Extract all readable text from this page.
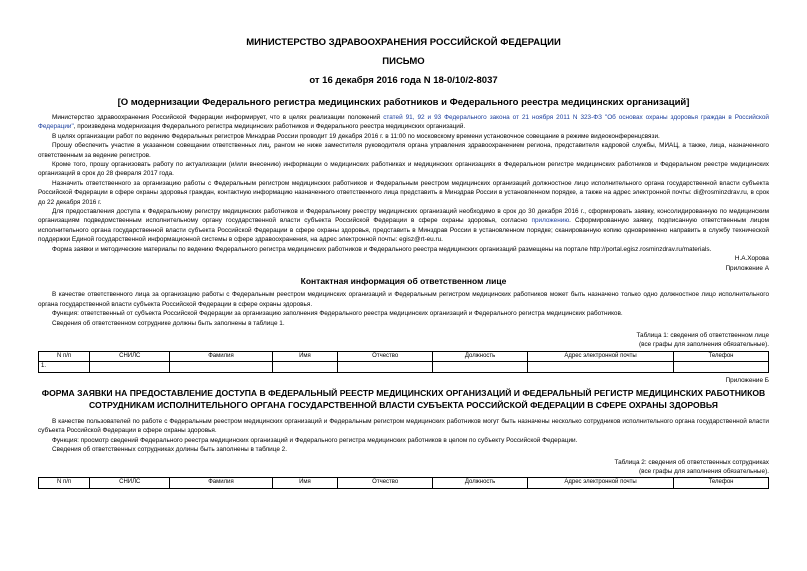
МИНИСТЕРСТВО ЗДРАВООХРАНЕНИЯ РОССИЙСКОЙ ФЕДЕРАЦИИ
ПИСЬМО
от 16 декабря 2016 года N 18-0/10/2-8037
[О модернизации Федерального регистра медицинских работников и Федерального реестра медицинских организаций]

Министерство здравоохранения Российской Федерации информирует, что в целях реализации положений статей 91, 92 и 93 Федерального закона от 21 ноября 2011 N 323-ФЗ "Об основах охраны здоровья граждан в Российской Федерации", произведена модернизация Федерального регистра медицинских работников и Федерального реестра медицинских организаций.

В целях организации работ по ведению Федеральных регистров Минздрав России проводит 19 декабря 2016 г. в 11:00 по московскому времени установочное совещание в режиме видеоконференцсвязи.

Прошу обеспечить участие в указанном совещании ответственных лиц, рангом не ниже заместителя руководителя органа управления здравоохранением региона, представителя кадровой службы, МИАЦ, а также, лица, назначенного ответственным за ведение регистров.

Кроме того, прошу организовать работу по актуализации (и/или внесению) информации о медицинских работниках и медицинских организациях в Федеральном регистре медицинских работников и Федеральном реестре медицинских организаций в срок до 28 февраля 2017 года.

Назначить ответственного за организацию работы с Федеральным регистром медицинских работников и Федеральным реестром медицинских организаций должностное лицо исполнительного органа государственной власти субъекта Российской Федерации в сфере охраны здоровья граждан, контактную информацию назначенного ответственного лица представить в Минздрав России в установленном порядке, а также на адрес электронной почты: di@rosminzdrav.ru, в срок до 22 декабря 2016 г.

Для предоставления доступа к Федеральному регистру медицинских работников и Федеральному реестру медицинских организаций необходимо в срок до 30 декабря 2016 г., сформировать заявку, консолидированную по медицинским организациям подведомственным исполнительному органу государственной власти субъекта Российской Федерации в сфере охраны здоровья, согласно приложению. Сформированную заявку, подписанную ответственным лицом исполнительного органа государственной власти субъекта Российской Федерации в сфере охраны здоровья, представить в Минздрав России в установленном порядке; сканированную копию одновременно направить в службу технической поддержки Единой государственной информационной системы в сфере здравоохранения, на адрес электронной почты: egisz@rt-eu.ru.

Форма заявки и методические материалы по ведению Федерального регистра медицинских работников и Федерального реестра медицинских организаций размещены на портале http://portal.egisz.rosminzdrav.ru/materials.

Н.А.Хорова

Приложение А

Контактная информация об ответственном лице

В качестве ответственного лица за организацию работы с Федеральным реестром медицинских организаций и Федеральным регистром медицинских работников может быть назначено только одно должностное лицо исполнительного органа государственной власти субъекта Российской Федерации в сфере охраны здоровья.

Функция: ответственный от субъекта Российской Федерации за организацию заполнения Федерального реестра медицинских организаций и Федерального регистра медицинских работников.

Сведения об ответственном сотруднике должны быть заполнены в таблице 1.

Таблица 1: сведения об ответственном лице

(все графы для заполнения обязательные).

N п/п	СНИЛС	Фамилия	Имя	Отчество	Должность	Адрес электронной почты	Телефон
1.							

Приложение Б

ФОРМА ЗАЯВКИ НА ПРЕДОСТАВЛЕНИЕ ДОСТУПА В ФЕДЕРАЛЬНЫЙ РЕЕСТР МЕДИЦИНСКИХ ОРГАНИЗАЦИЙ И ФЕДЕРАЛЬНЫЙ РЕГИСТР МЕДИЦИНСКИХ РАБОТНИКОВ СОТРУДНИКАМ ИСПОЛНИТЕЛЬНОГО ОРГАНА ГОСУДАРСТВЕННОЙ ВЛАСТИ СУБЪЕКТА РОССИЙСКОЙ ФЕДЕРАЦИИ В СФЕРЕ ОХРАНЫ ЗДОРОВЬЯ

В качестве пользователей по работе с Федеральным реестром медицинских организаций и Федеральным регистром медицинских работников могут быть назначены несколько сотрудников исполнительного органа государственной власти субъекта Российской Федерации в сфере охраны здоровья.

Функция: просмотр сведений Федерального реестра медицинских организаций и Федерального регистра медицинских работников в целом по субъекту Российской Федерации.

Сведения об ответственных сотрудниках долины быть заполнены в таблице 2.

Таблица 2: сведения об ответственных сотрудниках

(все графы для заполнения обязательные).

N п/п	СНИЛС	Фамилия	Имя	Отчество	Должность	Адрес электронной почты	Телефон
